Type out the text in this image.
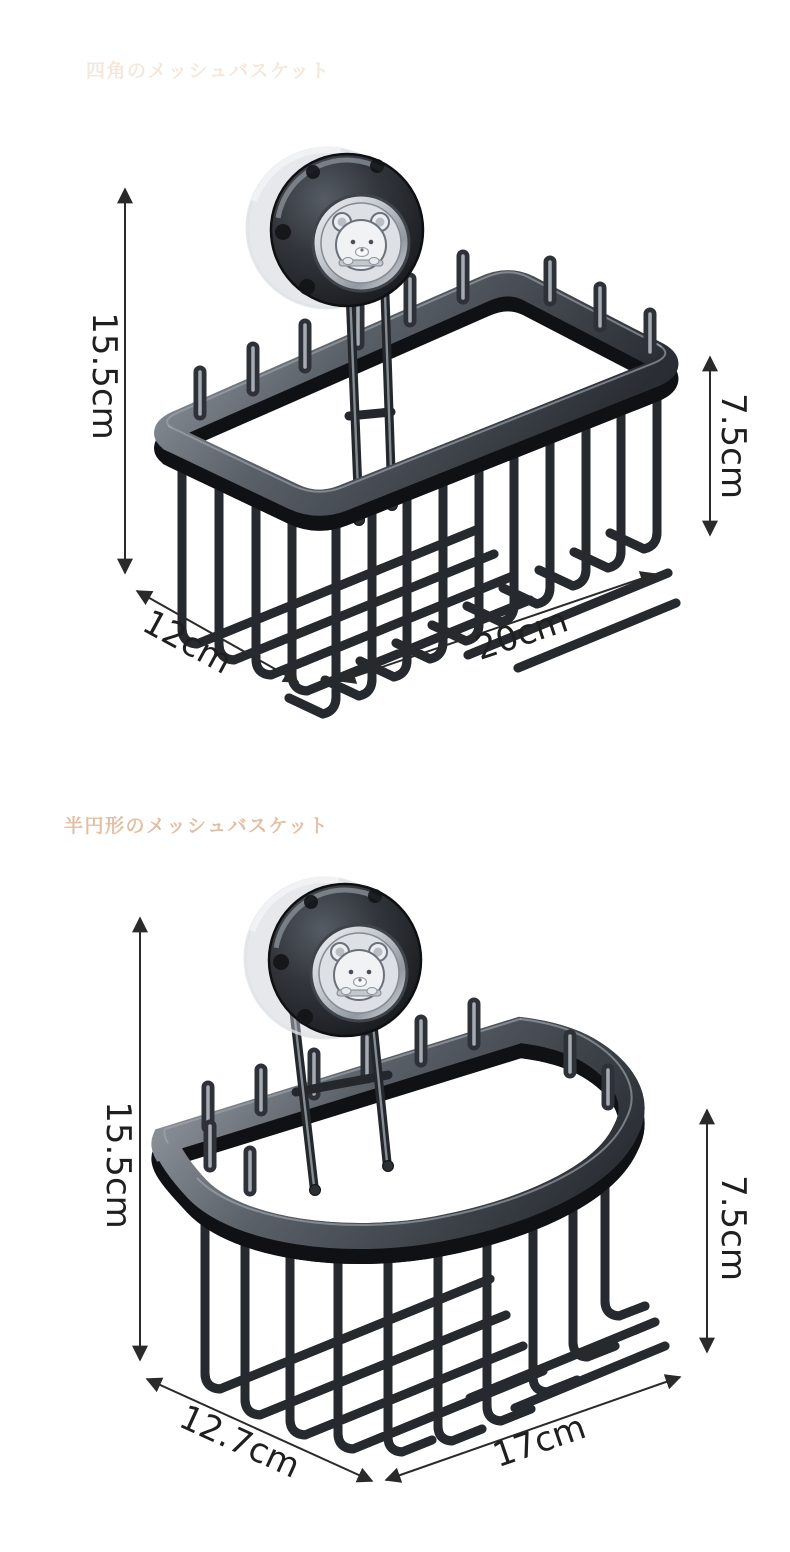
15.5cm
7.5cm
12cm	20cm
15.5cm	7.5cm
12.7cm	17cm
四角のメッシュバスケット
半円形のメッシュバスケット
